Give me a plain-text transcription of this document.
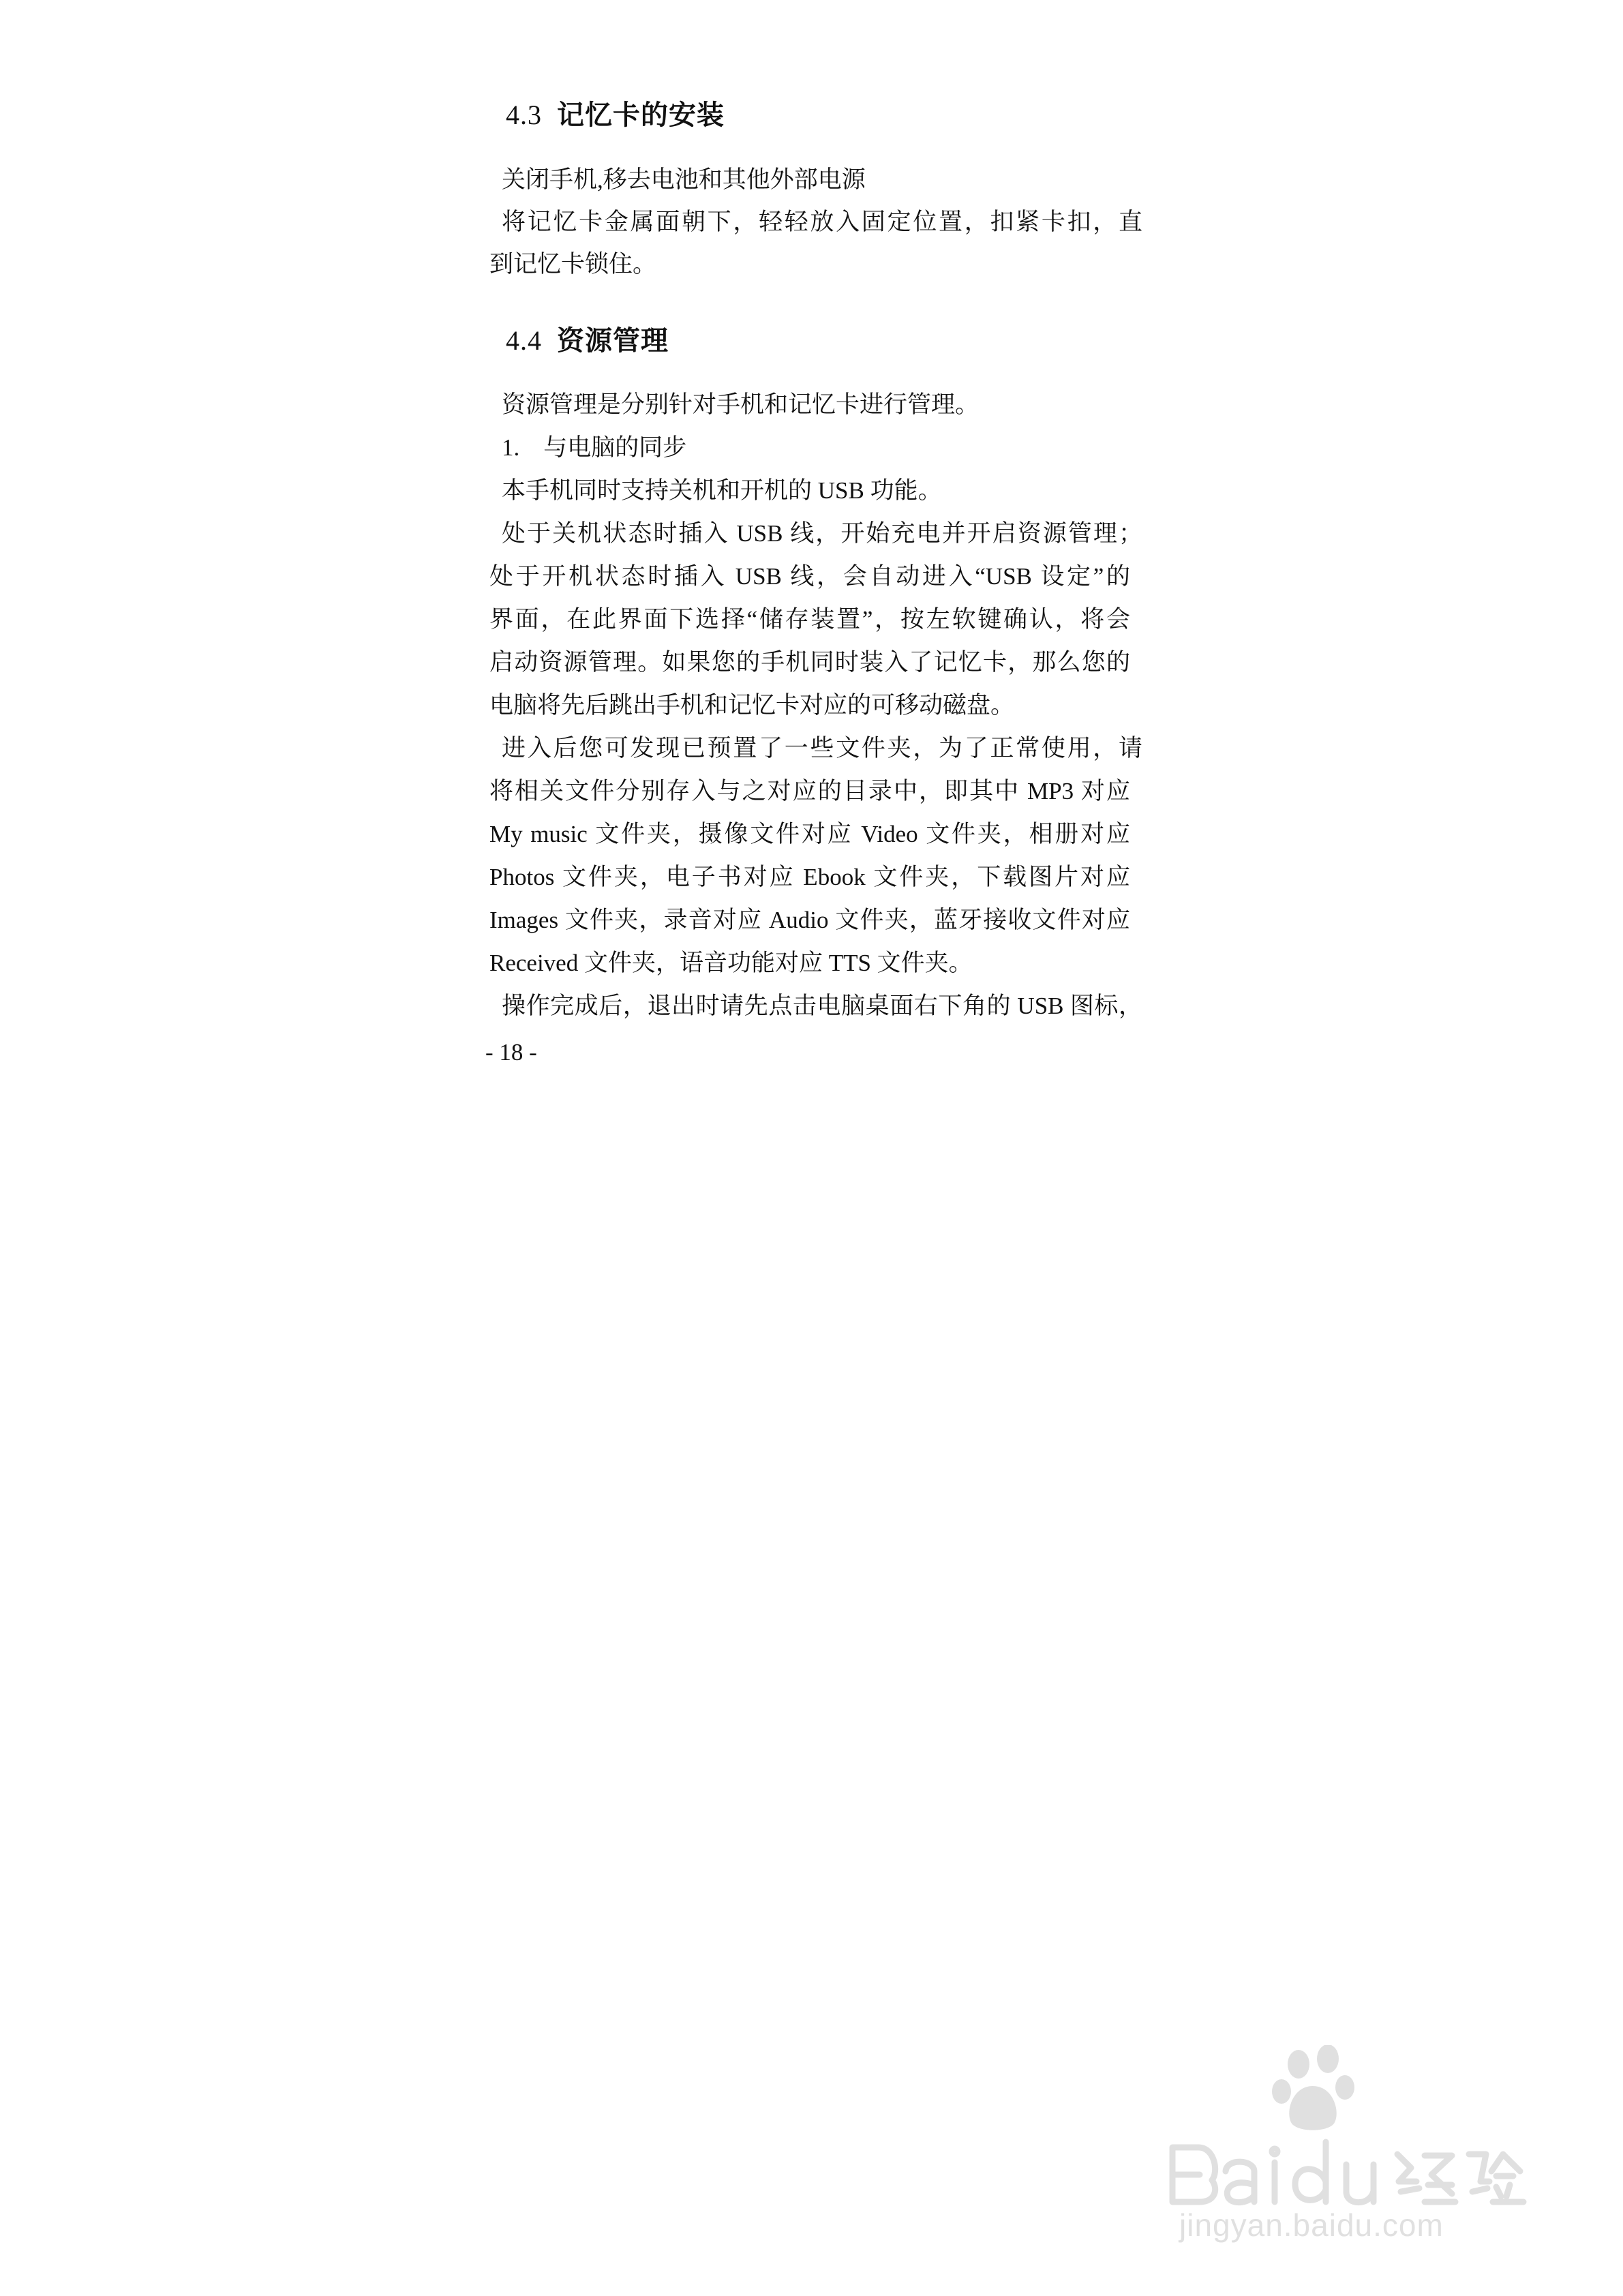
4.3 记忆卡的安装
关闭手机,移去电池和其他外部电源
将记忆卡金属面朝下，轻轻放入固定位置，扣紧卡扣，直
到记忆卡锁住。
4.4 资源管理
资源管理是分别针对手机和记忆卡进行管理。
1.　与电脑的同步
本手机同时支持关机和开机的 USB 功能。
处于关机状态时插入 USB 线，开始充电并开启资源管理；
处于开机状态时插入 USB 线，会自动进入“USB 设定”的
界面，在此界面下选择“储存装置”，按左软键确认，将会
启动资源管理。如果您的手机同时装入了记忆卡，那么您的
电脑将先后跳出手机和记忆卡对应的可移动磁盘。
进入后您可发现已预置了一些文件夹，为了正常使用，请
将相关文件分别存入与之对应的目录中，即其中 MP3 对应
My music 文件夹，摄像文件对应 Video 文件夹，相册对应
Photos 文件夹，电子书对应 Ebook 文件夹，下载图片对应
Images 文件夹，录音对应 Audio 文件夹，蓝牙接收文件对应
Received 文件夹，语音功能对应 TTS 文件夹。
操作完成后，退出时请先点击电脑桌面右下角的 USB 图标，
- 18 -
jingyan.baidu.com
